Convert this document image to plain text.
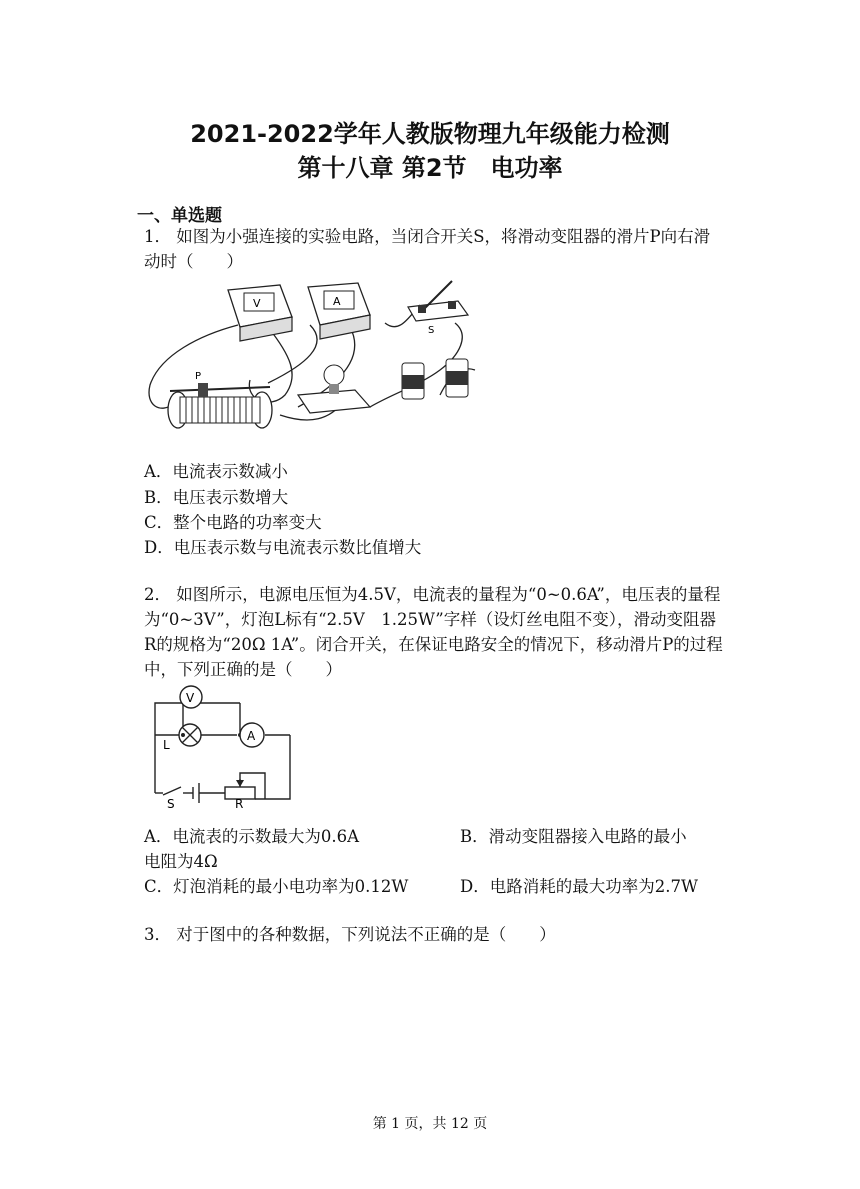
2021-2022学年人教版物理九年级能力检测
第十八章 第2节　电功率
一、单选题
1． 如图为小强连接的实验电路，当闭合开关S，将滑动变阻器的滑片P向右滑动时（　　）
V	A
S
P
A．电流表示数减小
B．电压表示数增大
C．整个电路的功率变大
D．电压表示数与电流表示数比值增大
2． 如图所示，电源电压恒为4.5V，电流表的量程为“0~0.6A”，电压表的量程为“0~3V”，灯泡L标有“2.5V　1.25W”字样（设灯丝电阻不变），滑动变阻器R的规格为“20Ω 1A”。闭合开关，在保证电路安全的情况下，移动滑片P的过程中，下列正确的是（　　）
V
L
A
S	R
A．电流表的示数最大为0.6A	B．滑动变阻器接入电路的最小
电阻为4Ω
C．灯泡消耗的最小电功率为0.12W	D．电路消耗的最大功率为2.7W
3． 对于图中的各种数据，下列说法不正确的是（　　）
第 1 页，共 12 页
